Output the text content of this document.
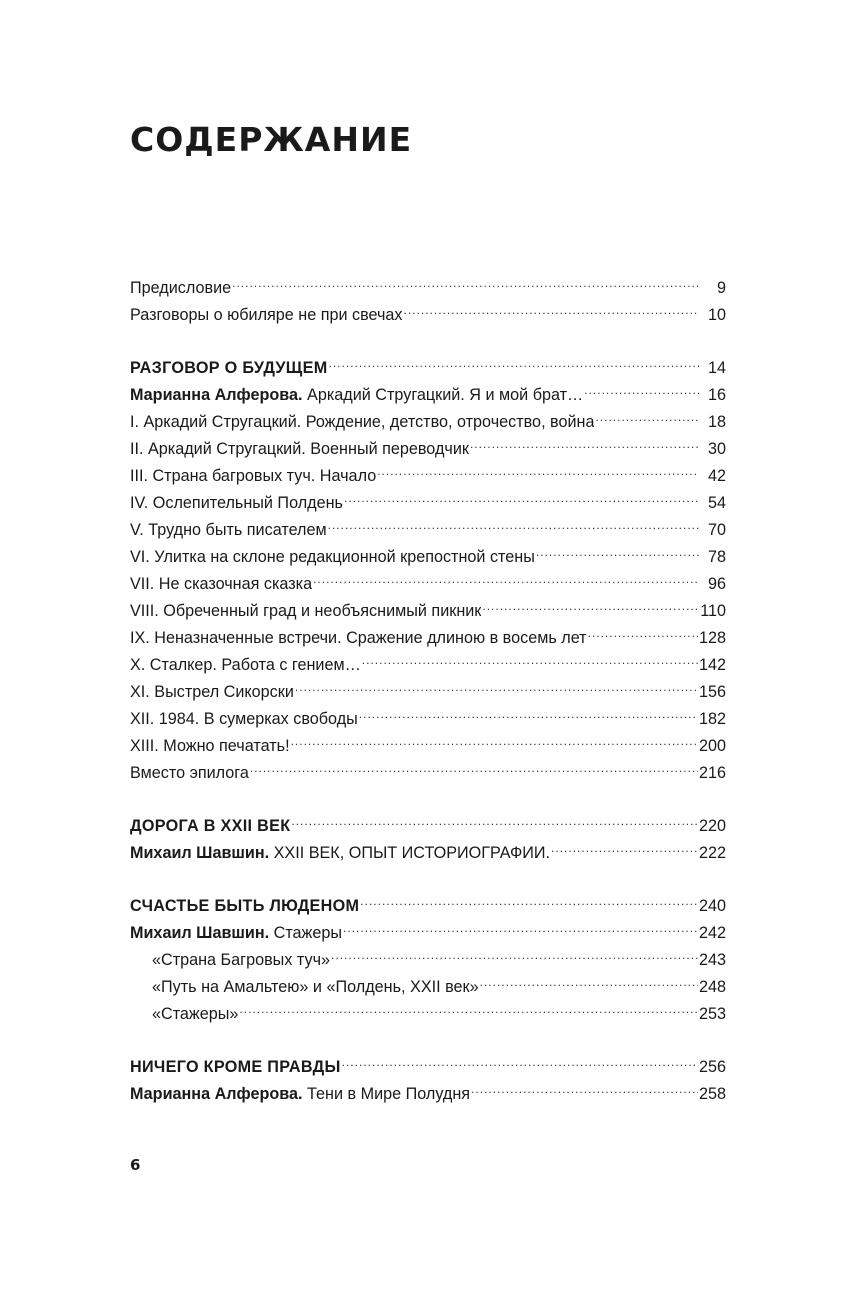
СОДЕРЖАНИЕ
Предисловие .....	9
Разговоры о юбиляре не при свечах .....	10
РАЗГОВОР О БУДУЩЕМ .....	14
Марианна Алферова. Аркадий Стругацкий. Я и мой брат… .....	16
I. Аркадий Стругацкий. Рождение, детство, отрочество, война .....	18
II. Аркадий Стругацкий. Военный переводчик .....	30
III. Страна багровых туч. Начало .....	42
IV. Ослепительный Полдень .....	54
V. Трудно быть писателем .....	70
VI. Улитка на склоне редакционной крепостной стены .....	78
VII. Не сказочная сказка .....	96
VIII. Обреченный град и необъяснимый пикник .....	110
IX. Неназначенные встречи. Сражение длиною в восемь лет .....	128
X. Сталкер. Работа с гением… .....	142
XI. Выстрел Сикорски .....	156
XII. 1984. В сумерках свободы .....	182
XIII. Можно печатать! .....	200
Вместо эпилога .....	216
ДОРОГА В XXII ВЕК .....	220
Михаил Шавшин. XXII ВЕК, ОПЫТ ИСТОРИОГРАФИИ. .....	222
СЧАСТЬЕ БЫТЬ ЛЮДЕНОМ .....	240
Михаил Шавшин. Стажеры .....	242
«Страна Багровых туч» .....	243
«Путь на Амальтею» и «Полдень, XXII век» .....	248
«Стажеры» .....	253
НИЧЕГО КРОМЕ ПРАВДЫ .....	256
Марианна Алферова. Тени в Мире Полудня .....	258
6
